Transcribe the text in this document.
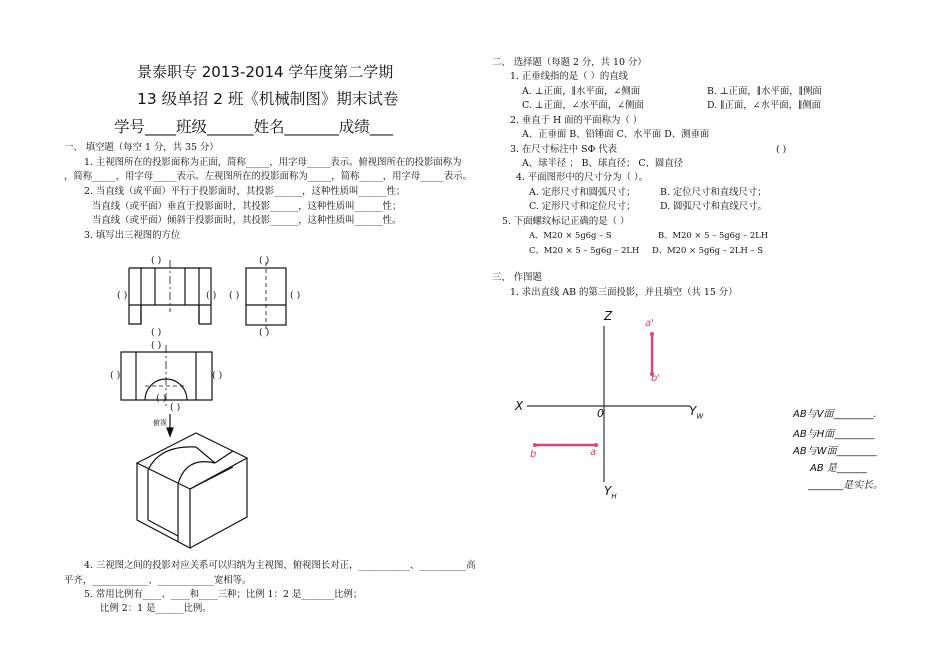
景泰职专 2013-2014 学年度第二学期
13 级单招 2 班《机械制图》期末试卷
学号____班级______姓名_______成绩___
一、 填空题（每空 1 分，共 35 分）
1. 主视图所在的投影面称为正面，简称_____，用字母_____表示。俯视图所在的投影面称为
，简称_____，用字母_____表示。左视图所在的投影面称为_____，简称_____，用字母_____表示。
2. 当直线（或平面）平行于投影面时，其投影______，这种性质叫______性；
当直线（或平面）垂直于投影面时，其投影______，这种性质叫______性；
当直线（或平面）倾斜于投影面时，其投影______，这种性质叫______性。
3. 填写出三视图的方位
( )
( )	( )
( )
( )
( )	( )
( )
( )
( )	( )
( )
( )
俯视
4. 三视图之间的投影对应关系可以归纳为主视图、俯视图长对正，___________、__________高
平齐，____________、____________宽相等。
5. 常用比例有____、____和____三种；比例 1：2 是_______比例；
比例 2：1 是______比例。
二、 选择题（每题 2 分，共 10 分）
1. 正垂线指的是（ ）的直线
A. ⊥正面，∥水平面，∠侧面	B. ⊥正面，∥水平面，∥侧面
C. ⊥正面，∠水平面，∠侧面	D. ∥正面，∠水平面，∥侧面
2. 垂直于 H 面的平面称为（ ）
A、正垂面 B、铅锤面 C、水平面 D、测垂面
3. 在尺寸标注中 SΦ 代表	( )
A、球半径 ； B、球直径； C、圆直径
4. 平面图形中的尺寸分为（ ）。
A. 定形尺寸和圆弧尺寸；	B. 定位尺寸和直线尺寸；
C. 定形尺寸和定位尺寸；	D. 圆弧尺寸和直线尺寸。
5. 下面螺纹标记正确的是（ ）
A、M20 × 5g6g – S	B、M20 × 5 – 5g6g – 2LH
C、M20 × 5 – 5g6g – 2LH D、M20 × 5g6g – 2LH – S
三、 作图题
1. 求出直线 AB 的第三面投影，并且填空（共 15 分）
Z
X
0	$Y_W$
$Y_H$
a'
b'
b	a
AB与V面________.
AB与H面________
AB与W面________
AB 是______
_______是实长。
